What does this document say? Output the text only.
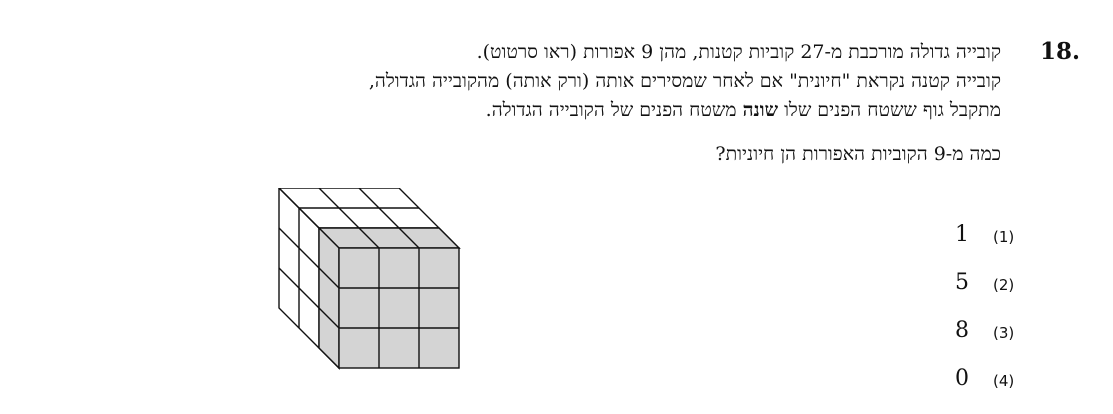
18.
קובייה גדולה מורכבת מ-27 קוביות קטנות, מהן 9 אפורות (ראו סרטוט).
קובייה קטנה נקראת "חיונית" אם לאחר שמסירים אותה (ורק אותה) מהקובייה הגדולה,
מתקבל גוף ששטח הפנים שלו שונה משטח הפנים של הקובייה הגדולה.
כמה מ-9 הקוביות האפורות הן חיוניות?
1 (1)
5 (2)
8 (3)
0 (4)
